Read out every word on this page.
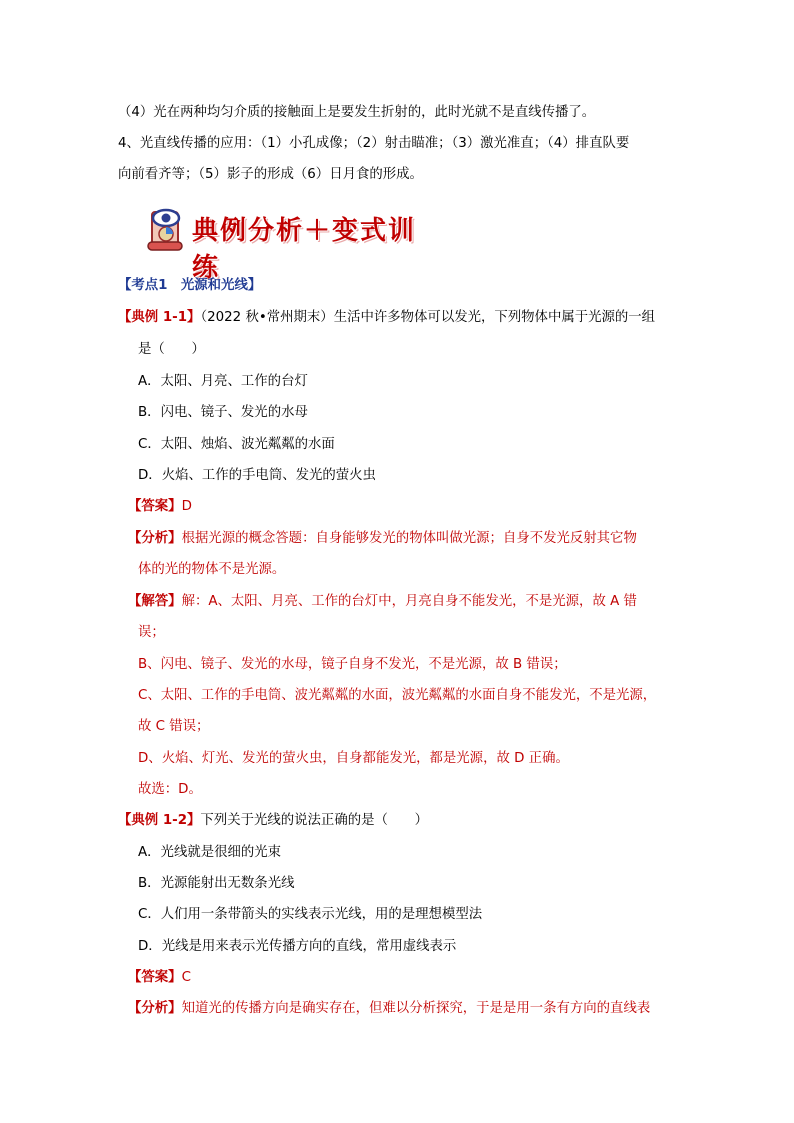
（4）光在两种均匀介质的接触面上是要发生折射的，此时光就不是直线传播了。
4、光直线传播的应用：（1）小孔成像；（2）射击瞄准；（3）激光准直；（4）排直队要
向前看齐等；（5）影子的形成（6）日月食的形成。
典例分析＋变式训练
【考点1　光源和光线】
【典例 1-1】（2022 秋•常州期末）生活中许多物体可以发光，下列物体中属于光源的一组
是（　　）
A．太阳、月亮、工作的台灯
B．闪电、镜子、发光的水母
C．太阳、烛焰、波光粼粼的水面
D．火焰、工作的手电筒、发光的萤火虫
【答案】D
【分析】根据光源的概念答题：自身能够发光的物体叫做光源；自身不发光反射其它物
体的光的物体不是光源。
【解答】解：A、太阳、月亮、工作的台灯中，月亮自身不能发光，不是光源，故 A 错
误；
B、闪电、镜子、发光的水母，镜子自身不发光，不是光源，故 B 错误；
C、太阳、工作的手电筒、波光粼粼的水面，波光粼粼的水面自身不能发光，不是光源，
故 C 错误；
D、火焰、灯光、发光的萤火虫，自身都能发光，都是光源，故 D 正确。
故选：D。
【典例 1-2】下列关于光线的说法正确的是（　　）
A．光线就是很细的光束
B．光源能射出无数条光线
C．人们用一条带箭头的实线表示光线，用的是理想模型法
D．光线是用来表示光传播方向的直线，常用虚线表示
【答案】C
【分析】知道光的传播方向是确实存在，但难以分析探究，于是是用一条有方向的直线表
